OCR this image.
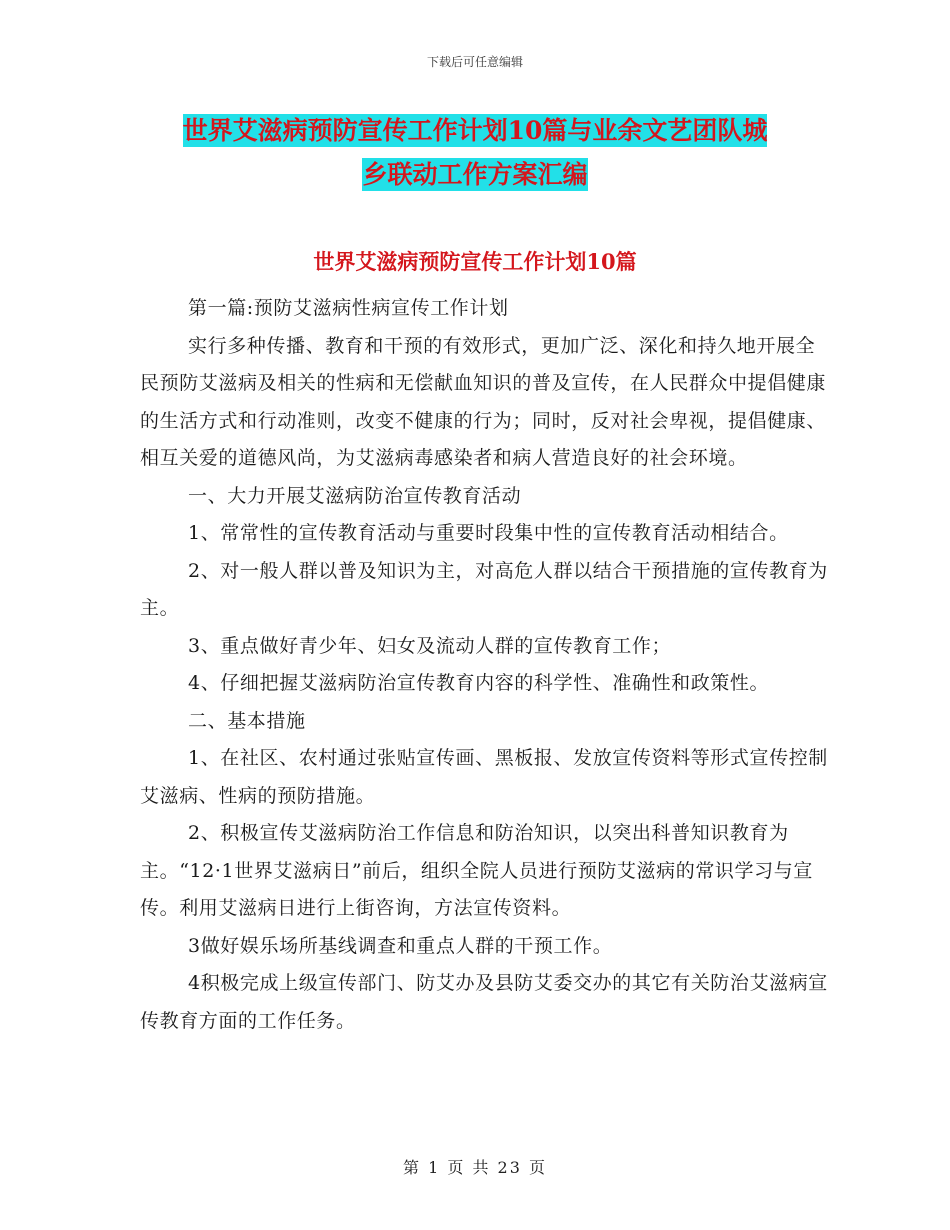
下载后可任意编辑
世界艾滋病预防宣传工作计划10篇与业余文艺团队城
乡联动工作方案汇编
世界艾滋病预防宣传工作计划10篇

第一篇:预防艾滋病性病宣传工作计划

实行多种传播、教育和干预的有效形式，更加广泛、深化和持久地开展全民预防艾滋病及相关的性病和无偿献血知识的普及宣传，在人民群众中提倡健康的生活方式和行动准则，改变不健康的行为；同时，反对社会卑视，提倡健康、相互关爱的道德风尚，为艾滋病毒感染者和病人营造良好的社会环境。

一、大力开展艾滋病防治宣传教育活动

1、常常性的宣传教育活动与重要时段集中性的宣传教育活动相结合。

2、对一般人群以普及知识为主，对高危人群以结合干预措施的宣传教育为主。

3、重点做好青少年、妇女及流动人群的宣传教育工作；

4、仔细把握艾滋病防治宣传教育内容的科学性、准确性和政策性。

二、基本措施

1、在社区、农村通过张贴宣传画、黑板报、发放宣传资料等形式宣传控制艾滋病、性病的预防措施。

2、积极宣传艾滋病防治工作信息和防治知识，以突出科普知识教育为主。“12·1世界艾滋病日”前后，组织全院人员进行预防艾滋病的常识学习与宣传。利用艾滋病日进行上街咨询，方法宣传资料。

3做好娱乐场所基线调查和重点人群的干预工作。

4积极完成上级宣传部门、防艾办及县防艾委交办的其它有关防治艾滋病宣传教育方面的工作任务。

第 1 页 共 23 页
